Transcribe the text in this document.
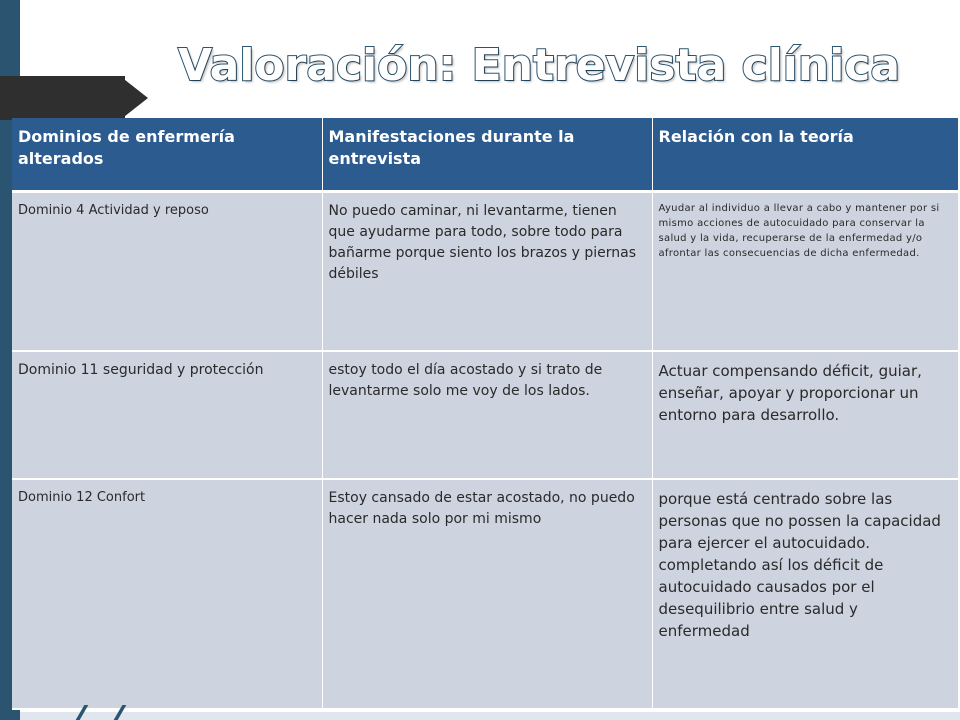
Valoración: Entrevista clínica
Dominios de enfermería alterados	Manifestaciones durante la entrevista	Relación con la teoría
Dominio 4 Actividad y reposo	No puedo caminar, ni levantarme, tienen que ayudarme para todo, sobre todo para bañarme porque siento los brazos y piernas débiles	Ayudar al individuo a llevar a cabo y mantener por si mismo acciones de autocuidado para conservar la salud y la vida, recuperarse de la enfermedad y/o afrontar las consecuencias de dicha enfermedad.
Dominio 11 seguridad y protección	estoy todo el día acostado y si trato de levantarme solo me voy de los lados.	Actuar compensando déficit, guiar, enseñar, apoyar y proporcionar un entorno para desarrollo.
Dominio 12 Confort	Estoy cansado de estar acostado, no puedo hacer nada solo por mi mismo	porque está centrado sobre las personas que no possen la capacidad para ejercer el autocuidado. completando así los déficit de autocuidado causados por el desequilibrio entre salud y enfermedad
